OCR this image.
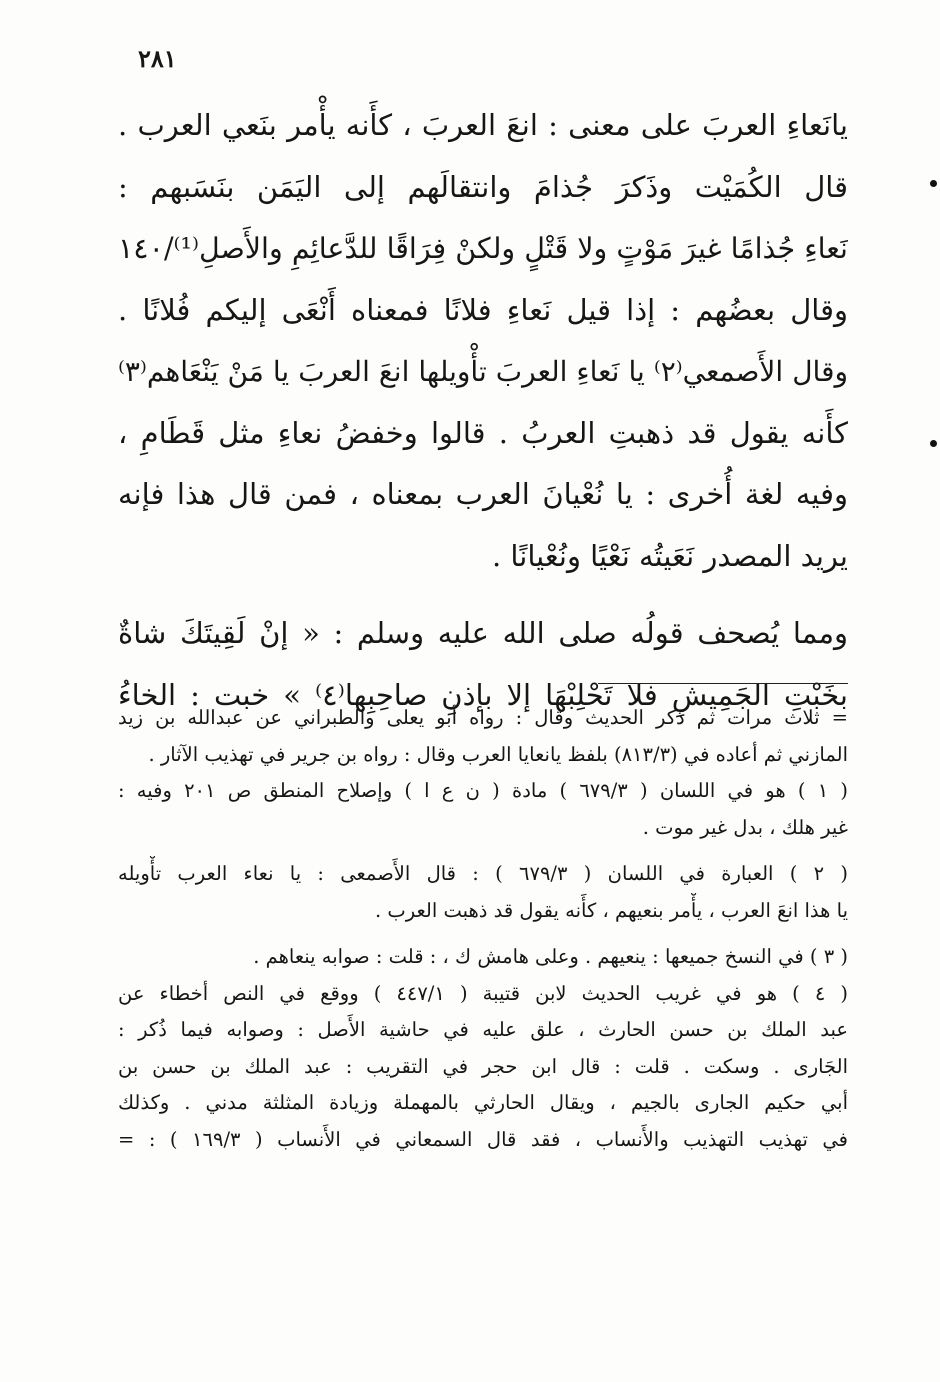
٢٨١
يانَعاءِ العربَ على معنى : انعَ العربَ ، كأَنه يأْمر بنَعي العرب .
قال الكُمَيْت وذَكرَ جُذامَ وانتقالَهم إلى اليَمَن بنَسَبهم :
نَعاءِ جُذامًا غيرَ مَوْتٍ ولا قَتْلٍ ولكنْ فِرَاقًا للدَّعائِمِ والأَصلِ⁽¹⁾/١٤٠
وقال بعضُهم : إذا قيل نَعاءِ فلانًا فمعناه أَنْعَى إليكم فُلانًا .
وقال الأَصمعي⁽٢⁾ يا نَعاءِ العربَ تأْويلها انعَ العربَ يا مَنْ يَنْعَاهم⁽٣⁾
كأَنه يقول قد ذهبتِ العربُ . قالوا وخفضُ نعاءِ مثل قَطَامِ ،
وفيه لغة أُخرى : يا نُعْيانَ العرب بمعناه ، فمن قال هذا فإنه
يريد المصدر نَعَيتُه نَعْيًا ونُعْيانًا .
ومما يُصحف قولُه صلى الله عليه وسلم : « إنْ لَقِيتَكَ شاةٌ
بخَبْتِ الجَمِيشِ فلا تَحْلِبْهَا إلا بإذنِ صاحِبِها⁽٤⁾ » خبت : الخاءُ
= ثلاث مرات ثم ذكر الحديث وقال : رواه أبو يعلى والطبراني عن عبدالله بن زيد
المازني ثم أعاده في (٨١٣/٣) بلفظ يانعايا العرب وقال : رواه بن جرير في تهذيب الآثار .
( ١ ) هو في اللسان ( ٦٧٩/٣ ) مادة ( ن ع ا ) وإصلاح المنطق ص ٢٠١ وفيه :
غير هلك ، بدل غير موت .
( ٢ ) العبارة في اللسان ( ٦٧٩/٣ ) : قال الأَصمعى : يا نعاء العرب تأْويله
يا هذا انعَ العرب ، يأْمر بنعيهم ، كأَنه يقول قد ذهبت العرب .
( ٣ ) في النسخ جميعها : ينعيهم . وعلى هامش ك ، : قلت : صوابه ينعاهم .
( ٤ ) هو في غريب الحديث لابن قتيبة ( ٤٤٧/١ ) ووقع في النص أخطاء عن
عبد الملك بن حسن الحارث ، علق عليه في حاشية الأَصل : وصوابه فيما ذُكر :
الجَارى . وسكت . قلت : قال ابن حجر في التقريب : عبد الملك بن حسن بن
أبي حكيم الجارى بالجيم ، ويقال الحارثي بالمهملة وزيادة المثلثة مدني . وكذلك
في تهذيب التهذيب والأَنساب ، فقد قال السمعاني في الأَنساب ( ١٦٩/٣ ) : =
